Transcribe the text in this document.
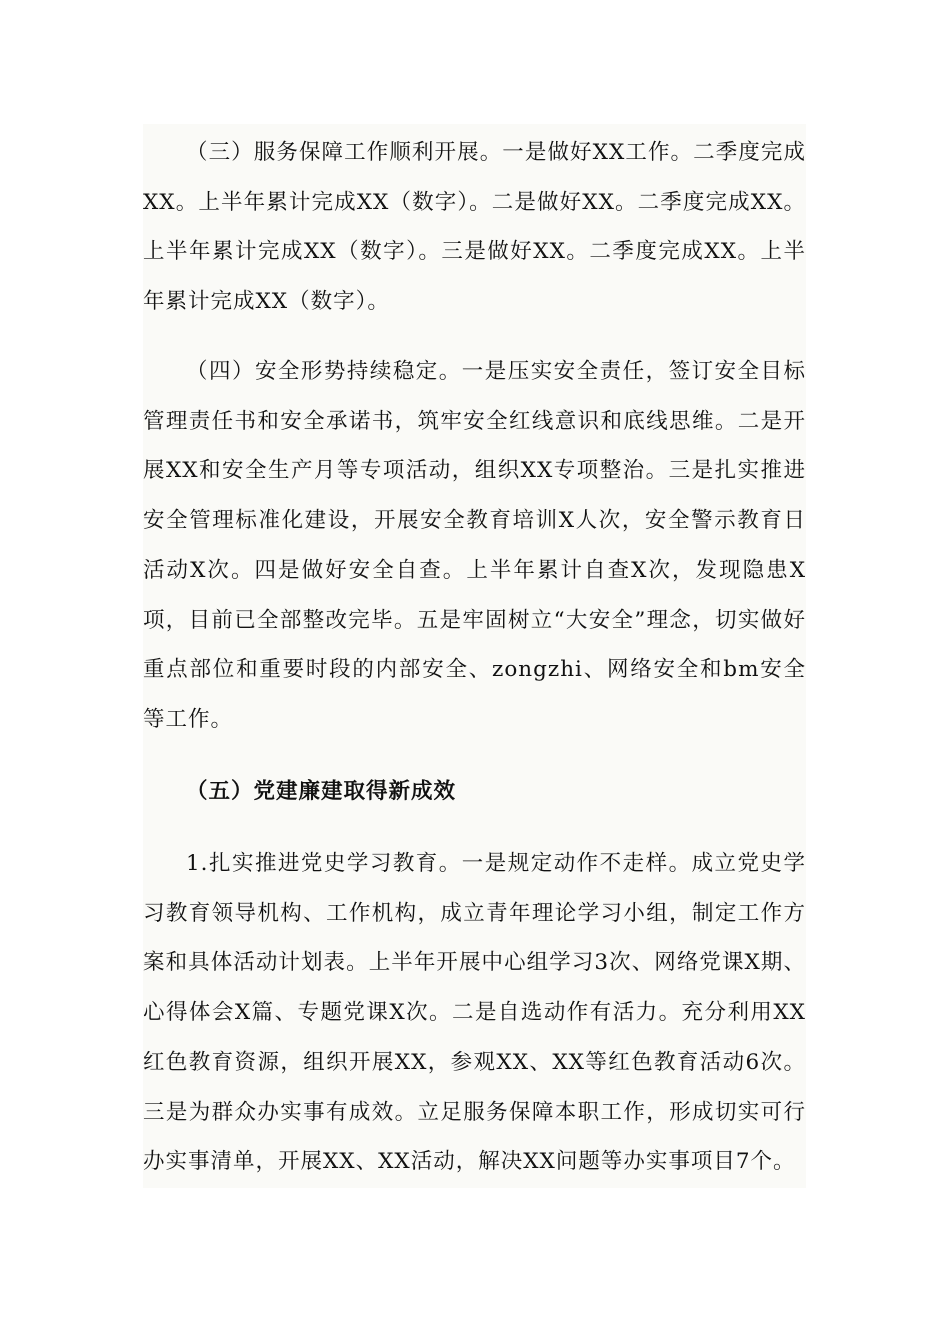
（三）服务保障工作顺利开展。一是做好XX工作。二季度完成XX。上半年累计完成XX（数字）。二是做好XX。二季度完成XX。上半年累计完成XX（数字）。三是做好XX。二季度完成XX。上半年累计完成XX（数字）。

（四）安全形势持续稳定。一是压实安全责任，签订安全目标管理责任书和安全承诺书，筑牢安全红线意识和底线思维。二是开展XX和安全生产月等专项活动，组织XX专项整治。三是扎实推进安全管理标准化建设，开展安全教育培训X人次，安全警示教育日活动X次。四是做好安全自查。上半年累计自查X次，发现隐患X项，目前已全部整改完毕。五是牢固树立“大安全”理念，切实做好重点部位和重要时段的内部安全、zongzhi、网络安全和bm安全等工作。

（五）党建廉建取得新成效

1.扎实推进党史学习教育。一是规定动作不走样。成立党史学习教育领导机构、工作机构，成立青年理论学习小组，制定工作方案和具体活动计划表。上半年开展中心组学习3次、网络党课X期、心得体会X篇、专题党课X次。二是自选动作有活力。充分利用XX红色教育资源，组织开展XX，参观XX、XX等红色教育活动6次。三是为群众办实事有成效。立足服务保障本职工作，形成切实可行办实事清单，开展XX、XX活动，解决XX问题等办实事项目7个。
